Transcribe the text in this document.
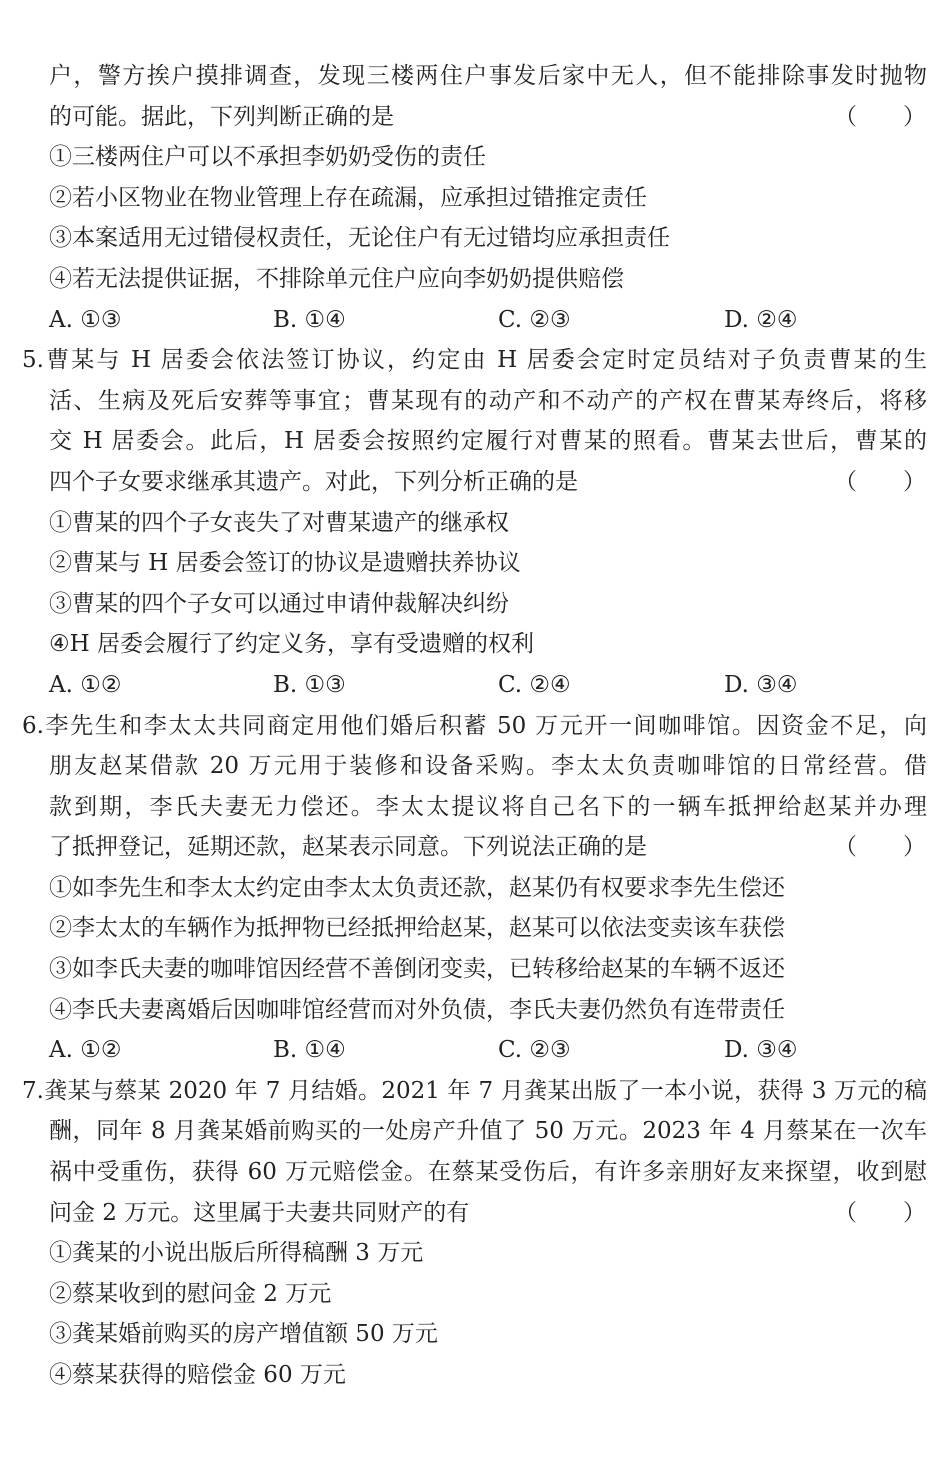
户，警方挨户摸排调查，发现三楼两住户事发后家中无人，但不能排除事发时抛物
的可能。据此，下列判断正确的是	（　　）
①三楼两住户可以不承担李奶奶受伤的责任
②若小区物业在物业管理上存在疏漏，应承担过错推定责任
③本案适用无过错侵权责任，无论住户有无过错均应承担责任
④若无法提供证据，不排除单元住户应向李奶奶提供赔偿
A. ①③	B. ①④	C. ②③	D. ②④
5.曹某与 H 居委会依法签订协议，约定由 H 居委会定时定员结对子负责曹某的生
活、生病及死后安葬等事宜；曹某现有的动产和不动产的产权在曹某寿终后，将移
交 H 居委会。此后，H 居委会按照约定履行对曹某的照看。曹某去世后，曹某的
四个子女要求继承其遗产。对此，下列分析正确的是	（　　）
①曹某的四个子女丧失了对曹某遗产的继承权
②曹某与 H 居委会签订的协议是遗赠扶养协议
③曹某的四个子女可以通过申请仲裁解决纠纷
④H 居委会履行了约定义务，享有受遗赠的权利
A. ①②	B. ①③	C. ②④	D. ③④
6.李先生和李太太共同商定用他们婚后积蓄 50 万元开一间咖啡馆。因资金不足，向
朋友赵某借款 20 万元用于装修和设备采购。李太太负责咖啡馆的日常经营。借
款到期，李氏夫妻无力偿还。李太太提议将自己名下的一辆车抵押给赵某并办理
了抵押登记，延期还款，赵某表示同意。下列说法正确的是	（　　）
①如李先生和李太太约定由李太太负责还款，赵某仍有权要求李先生偿还
②李太太的车辆作为抵押物已经抵押给赵某，赵某可以依法变卖该车获偿
③如李氏夫妻的咖啡馆因经营不善倒闭变卖，已转移给赵某的车辆不返还
④李氏夫妻离婚后因咖啡馆经营而对外负债，李氏夫妻仍然负有连带责任
A. ①②	B. ①④	C. ②③	D. ③④
7.龚某与蔡某 2020 年 7 月结婚。2021 年 7 月龚某出版了一本小说，获得 3 万元的稿
酬，同年 8 月龚某婚前购买的一处房产升值了 50 万元。2023 年 4 月蔡某在一次车
祸中受重伤，获得 60 万元赔偿金。在蔡某受伤后，有许多亲朋好友来探望，收到慰
问金 2 万元。这里属于夫妻共同财产的有	（　　）
①龚某的小说出版后所得稿酬 3 万元
②蔡某收到的慰问金 2 万元
③龚某婚前购买的房产增值额 50 万元
④蔡某获得的赔偿金 60 万元
